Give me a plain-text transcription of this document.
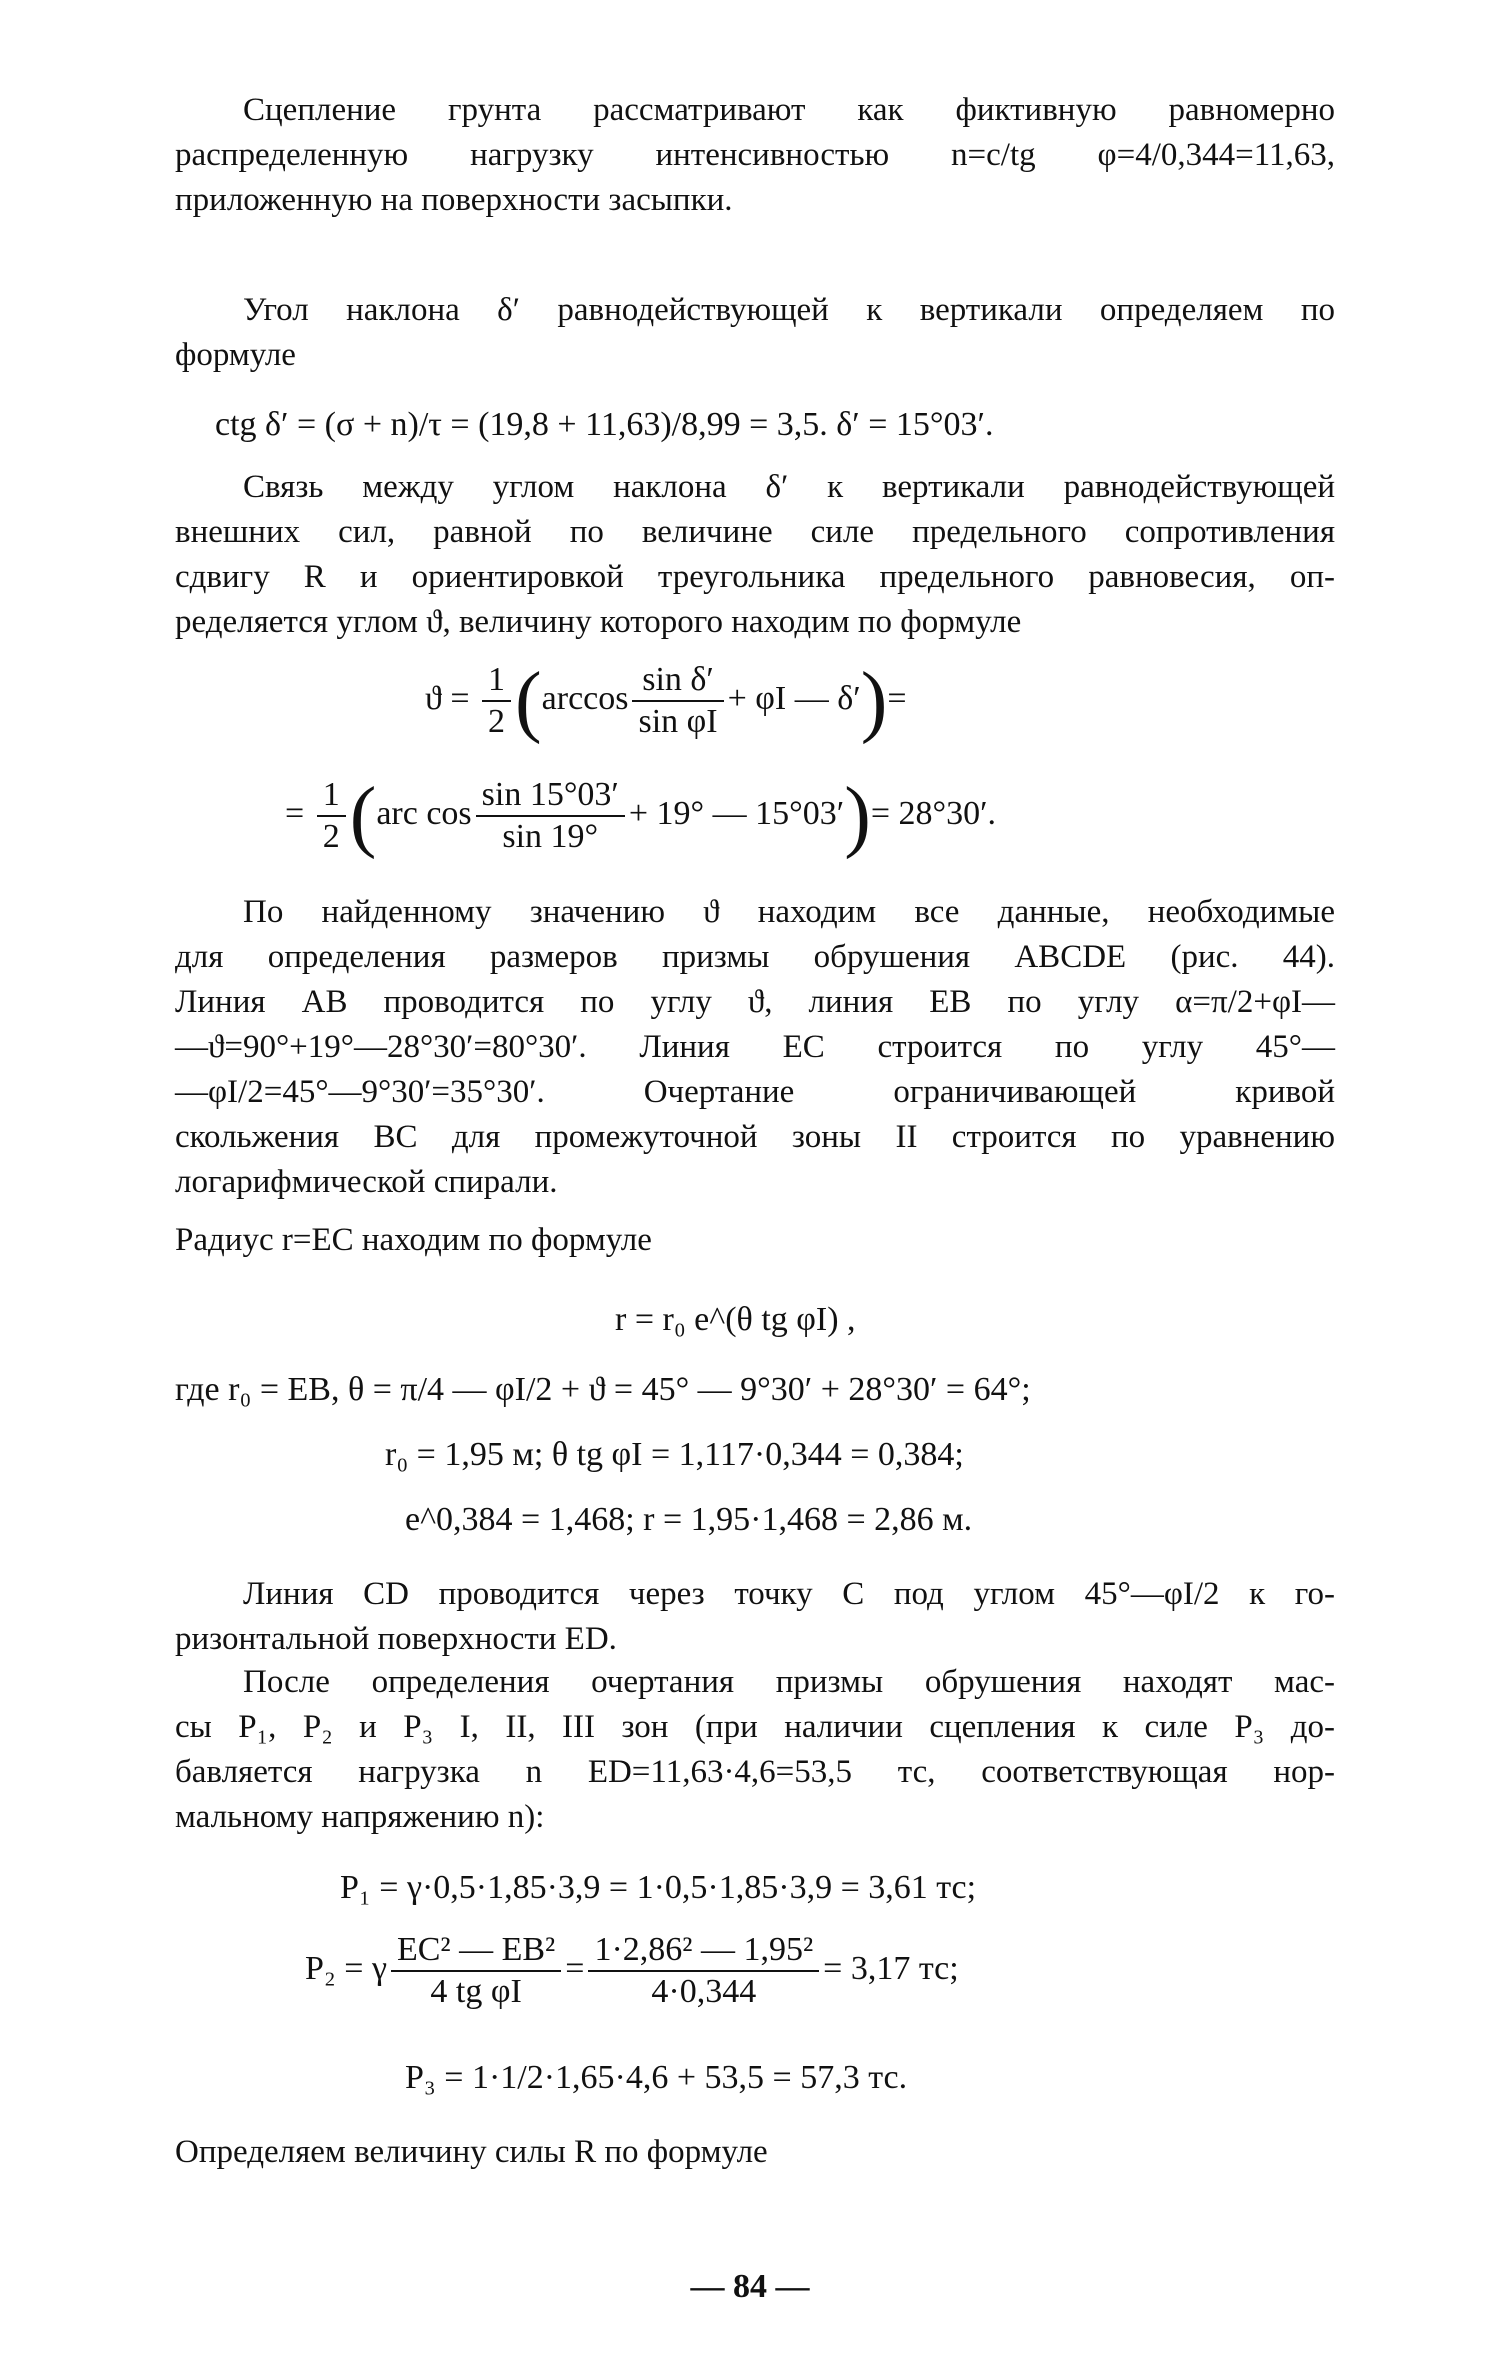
Сцепление грунта рассматривают как фиктивную равномерно
распределенную нагрузку интенсивностью n=c/tg φ=4/0,344=11,63,
приложенную на поверхности засыпки.
Угол наклона δ′ равнодействующей к вертикали определяем по
формуле
ctg δ′ = (σ + n)/τ = (19,8 + 11,63)/8,99 = 3,5. δ′ = 15°03′.
Связь между углом наклона δ′ к вертикали равнодействующей
внешних сил, равной по величине силе предельного сопротивления
сдвигу R и ориентировкой треугольника предельного равновесия, оп-
ределяется углом ϑ, величину которого находим по формуле
$ϑ = \frac{1}{2} (\arccos \frac{\text{sin δ′}}{\text{sin φI}} + \varphi I$ — δ′)=
= $\frac{1}{2} (arc$ $\cos \frac{\sin 15^\circ 03'}{\sin 19^\circ} + 19^\circ$ — 15°03′)= 28°30′.
По найденному значению ϑ находим все данные, необходимые
для определения размеров призмы обрушения ABCDE (рис. 44).
Линия AB проводится по углу ϑ, линия EB по углу α=π/2+φI—
—ϑ=90°+19°—28°30′=80°30′. Линия EC строится по углу 45°—
—φI/2=45°—9°30′=35°30′. Очертание ограничивающей кривой
скольжения BC для промежуточной зоны II строится по уравнению
логарифмической спирали.
Радиус r=EC находим по формуле
r = r₀ e^(θ tg φI) ,
где r₀ = EB, θ = π/4 — φI/2 + ϑ = 45° — 9°30′ + 28°30′ = 64°;
r₀ = 1,95 м; θ tg φI = 1,117·0,344 = 0,384;
e^0,384 = 1,468; r = 1,95·1,468 = 2,86 м.
Линия CD проводится через точку C под углом 45°—φI/2 к го-
ризонтальной поверхности ED.
После определения очертания призмы обрушения находят мас-
сы P₁, P₂ и P₃ I, II, III зон (при наличии сцепления к силе P₃ до-
бавляется нагрузка n ED=11,63·4,6=53,5 тс, соответствующая нор-
мальному напряжению n):
P₁ = γ·0,5·1,85·3,9 = 1·0,5·1,85·3,9 = 3,61 тс;
P₂ = γ $\frac{\text{EC² — EB²}}{\text{4 tg φI}} = \frac{\text{1·2,86² — 1,95²}}{4\cdot 0,344} = 3,17$ тс;
P₃ = 1·1/2·1,65·4,6 + 53,5 = 57,3 тс.
Определяем величину силы R по формуле
— 84 —
